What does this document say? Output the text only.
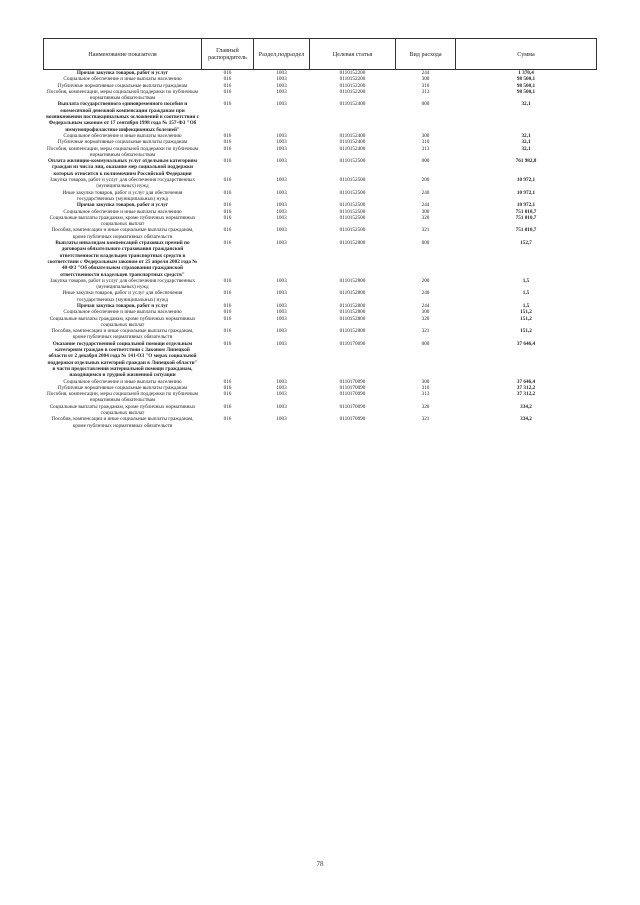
Наименование показателя	Главный распорядитель	Раздел,подраздел	Целевая статья	Вид расхода	Сумма
Прочая закупка товаров, работ и услуг	016	1003	0110152200	244	1 370,4
Социальное обеспечение и иные выплаты населению	016	1003	0110152200	300	98 500,1
Публичные нормативные социальные выплаты гражданам	016	1003	0110152200	310	98 500,1
Пособия, компенсации, меры социальной поддержки по публичным нормативным обязательствам	016	1003	0110152200	313	98 500,1
Выплата государственного единовременного пособия и ежемесячной денежной компенсации гражданам при возникновении поствакцинальных осложнений в соответствии с Федеральным законом от 17 сентября 1998 года № 157-ФЗ "Об иммунопрофилактике инфекционных болезней"	016	1003	0110152400	000	32,1
Социальное обеспечение и иные выплаты населению	016	1003	0110152400	300	32,1
Публичные нормативные социальные выплаты гражданам	016	1003	0110152400	310	32,1
Пособия, компенсации, меры социальной поддержки по публичным нормативным обязательствам	016	1003	0110152400	313	32,1
Оплата жилищно-коммунальных услуг отдельным категориям граждан из числа лиц, оказание мер социальной поддержки которых относится к полномочиям Российской Федерации	016	1003	0110152500	000	761 982,8
Закупка товаров, работ и услуг для обеспечения государственных (муниципальных) нужд	016	1003	0110152500	200	10 972,1
Иные закупки товаров, работ и услуг для обеспечения государственных (муниципальных) нужд	016	1003	0110152500	240	10 972,1
Прочая закупка товаров, работ и услуг	016	1003	0110152500	244	10 972,1
Социальное обеспечение и иные выплаты населению	016	1003	0110152500	300	751 010,7
Социальные выплаты гражданам, кроме публичных нормативных социальных выплат	016	1003	0110152500	320	751 010,7
Пособия, компенсации и иные социальные выплаты гражданам, кроме публичных нормативных обязательств	016	1003	0110152500	321	751 010,7
Выплаты инвалидам компенсаций страховых премий по договорам обязательного страхования гражданской ответственности владельцев транспортных средств в соответствии с Федеральным законом от 25 апреля 2002 года № 40-ФЗ "Об обязательном страховании гражданской ответственности владельцев транспортных средств"	016	1003	0110152800	000	152,7
Закупка товаров, работ и услуг для обеспечения государственных (муниципальных) нужд	016	1003	0110152800	200	1,5
Иные закупки товаров, работ и услуг для обеспечения государственных (муниципальных) нужд	016	1003	0110152800	240	1,5
Прочая закупка товаров, работ и услуг	016	1003	0110152800	244	1,5
Социальное обеспечение и иные выплаты населению	016	1003	0110152800	300	151,2
Социальные выплаты гражданам, кроме публичных нормативных социальных выплат	016	1003	0110152800	320	151,2
Пособия, компенсации и иные социальные выплаты гражданам, кроме публичных нормативных обязательств	016	1003	0110152800	321	151,2
Оказание государственной социальной помощи отдельным категориям граждан в соответствии с Законом Липецкой области от 2 декабря 2004 года № 141-ОЗ "О мерах социальной поддержки отдельных категорий граждан в Липецкой области" в части предоставления материальной помощи гражданам, находящимся в трудной жизненной ситуации	016	1003	0110170090	000	37 646,4
Социальное обеспечение и иные выплаты населению	016	1003	0110170090	300	37 646,4
Публичные нормативные социальные выплаты гражданам	016	1003	0110170090	310	37 312,2
Пособия, компенсации, меры социальной поддержки по публичным нормативным обязательствам	016	1003	0110170090	313	37 312,2
Социальные выплаты гражданам, кроме публичных нормативных социальных выплат	016	1003	0110170090	320	334,2
Пособия, компенсации и иные социальные выплаты гражданам, кроме публичных нормативных обязательств	016	1003	0110170090	321	334,2
78
